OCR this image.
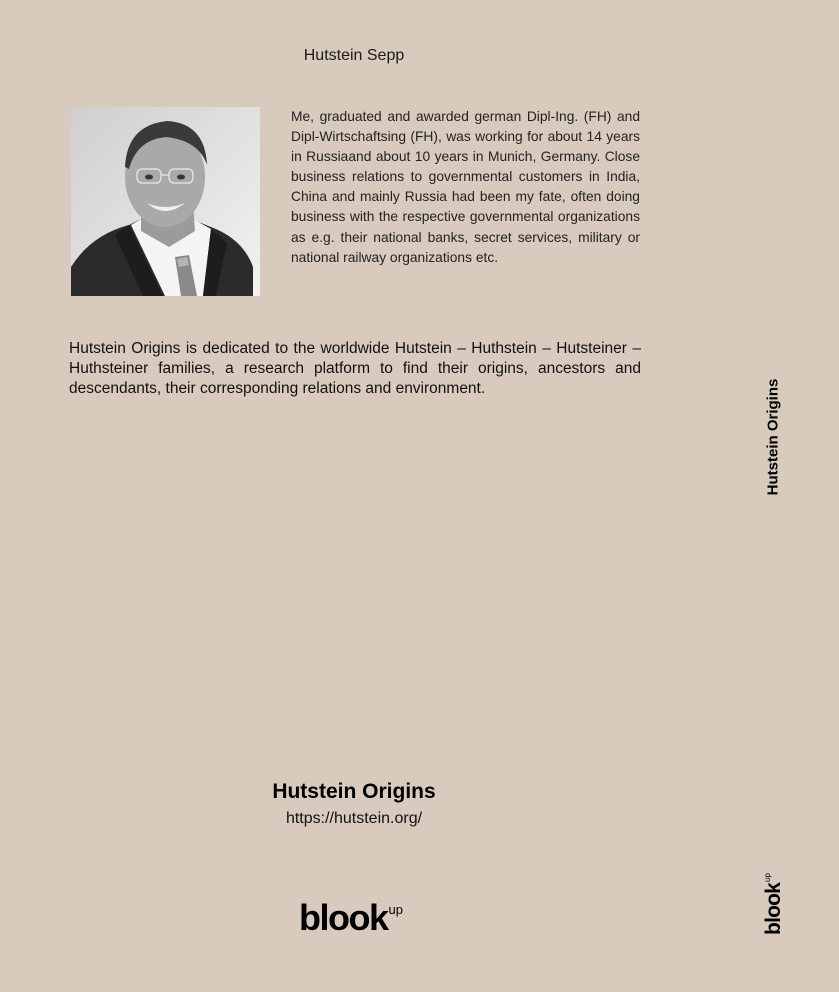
Hutstein Sepp

Me, graduated and awarded german Dipl-Ing. (FH) and Dipl-Wirtschaftsing (FH), was working for about 14 years in Russiaand about 10 years in Munich, Germany. Close business relations to governmental customers in India, China and mainly Russia had been my fate, often doing business with the respective governmental organizations as e.g. their national banks, secret services, military or national railway organizations etc.

Hutstein Origins is dedicated to the worldwide Hutstein – Huthstein – Hutsteiner – Huthsteiner families, a research platform to find their origins, ancestors and descendants, their corresponding relations and environment.

Hutstein Origins
https://hutstein.org/
blook up
Hutstein Origins
blook
up
